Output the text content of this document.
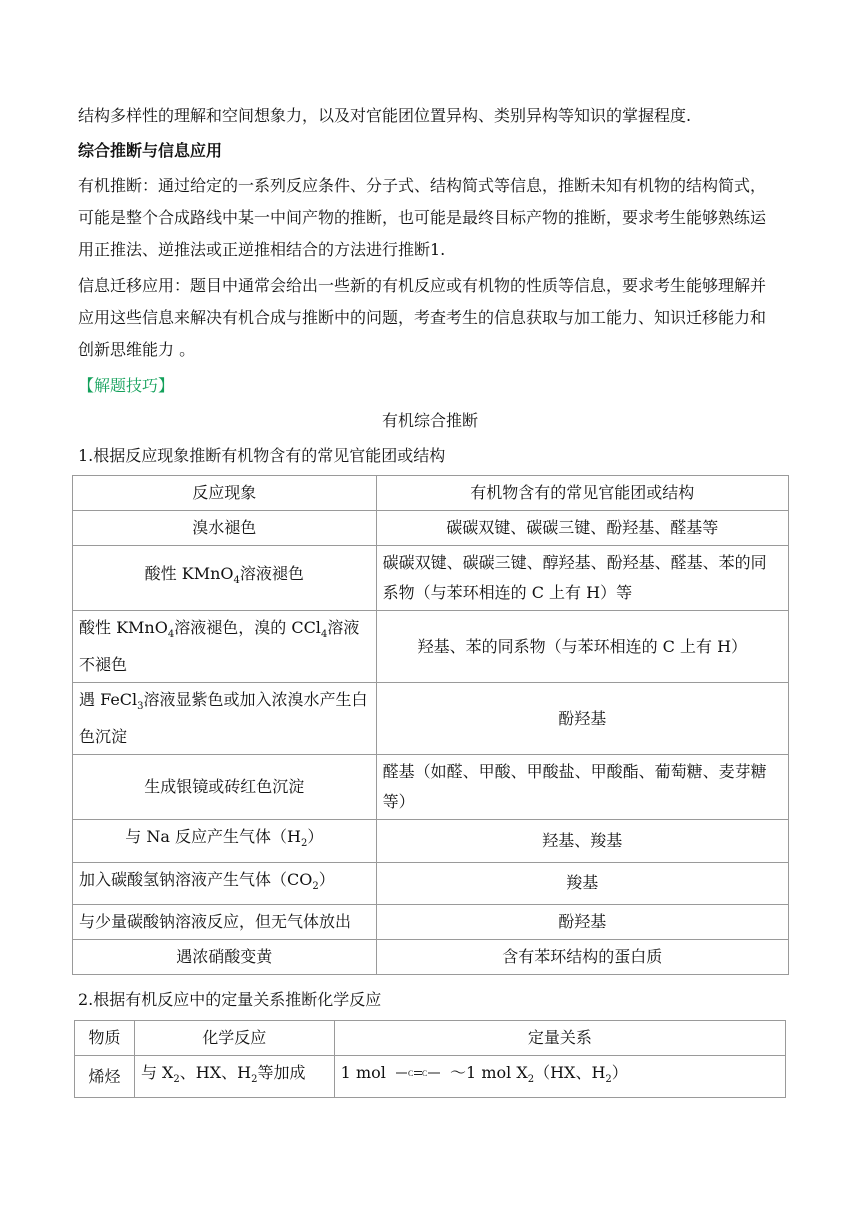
结构多样性的理解和空间想象力，以及对官能团位置异构、类别异构等知识的掌握程度.

综合推断与信息应用

有机推断：通过给定的一系列反应条件、分子式、结构简式等信息，推断未知有机物的结构简式，可能是整个合成路线中某一中间产物的推断，也可能是最终目标产物的推断，要求考生能够熟练运用正推法、逆推法或正逆推相结合的方法进行推断1.

信息迁移应用：题目中通常会给出一些新的有机反应或有机物的性质等信息，要求考生能够理解并应用这些信息来解决有机合成与推断中的问题，考查考生的信息获取与加工能力、知识迁移能力和创新思维能力 。

【解题技巧】

有机综合推断

1.根据反应现象推断有机物含有的常见官能团或结构

反应现象	有机物含有的常见官能团或结构
溴水褪色	碳碳双键、碳碳三键、酚羟基、醛基等
酸性 KMnO$_4$溶液褪色	碳碳双键、碳碳三键、醇羟基、酚羟基、醛基、苯的同系物（与苯环相连的 C 上有 H）等
酸性 KMnO$_4$溶液褪色，溴的 CCl$_4$溶液不褪色	羟基、苯的同系物（与苯环相连的 C 上有 H）
遇 FeCl$_3$溶液显紫色或加入浓溴水产生白色沉淀	酚羟基
生成银镜或砖红色沉淀	醛基（如醛、甲酸、甲酸盐、甲酸酯、葡萄糖、麦芽糖等）
与 Na 反应产生气体$(H_2)$	羟基、羧基
加入碳酸氢钠溶液产生气体$(CO_2)$	羧基
与少量碳酸钠溶液反应，但无气体放出	酚羟基
遇浓硝酸变黄	含有苯环结构的蛋白质

2.根据有机反应中的定量关系推断化学反应

物质	化学反应	定量关系
烯烃	与 $X_2$、HX、$H_2$等加成	1 mol C C ～1 mol $X_2(HX$、$H_2$）
